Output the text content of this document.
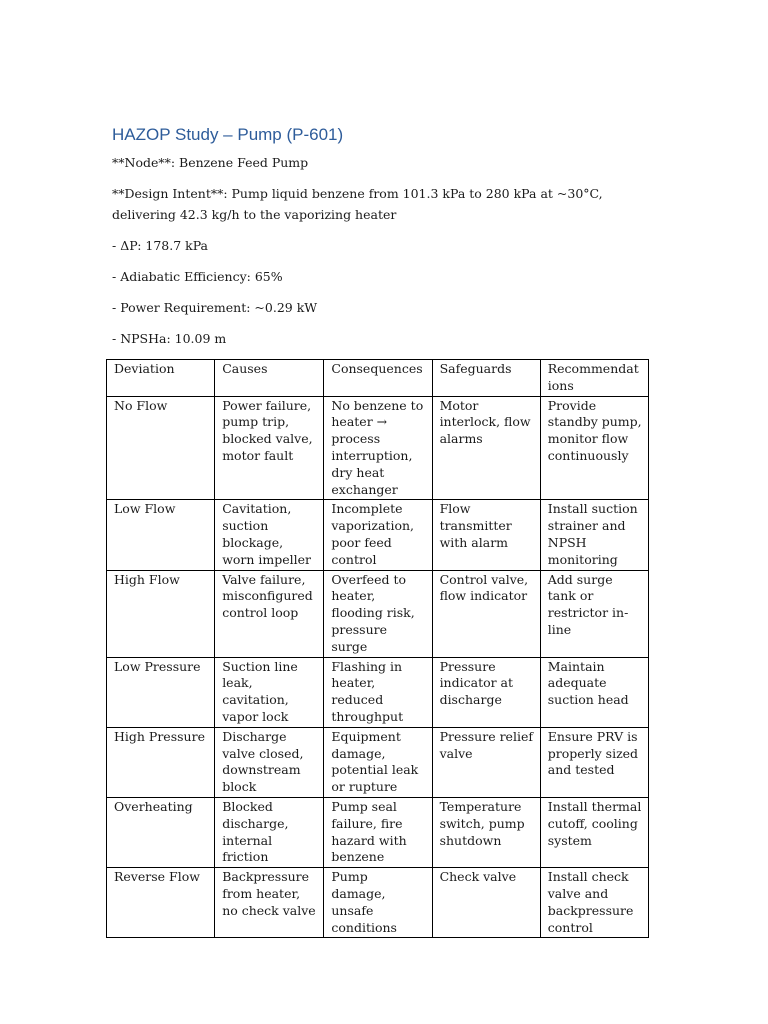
HAZOP Study – Pump (P-601)

**Node**: Benzene Feed Pump

**Design Intent**: Pump liquid benzene from 101.3 kPa to 280 kPa at ~30°C, delivering 42.3 kg/h to the vaporizing heater

- ΔP: 178.7 kPa

- Adiabatic Efficiency: 65%

- Power Requirement: ~0.29 kW

- NPSHa: 10.09 m

Deviation	Causes	Consequences	Safeguards	Recommendations
No Flow	Power failure, pump trip, blocked valve, motor fault	No benzene to heater → process interruption, dry heat exchanger	Motor interlock, flow alarms	Provide standby pump, monitor flow continuously
Low Flow	Cavitation, suction blockage, worn impeller	Incomplete vaporization, poor feed control	Flow transmitter with alarm	Install suction strainer and NPSH monitoring
High Flow	Valve failure, misconfigured control loop	Overfeed to heater, flooding risk, pressure surge	Control valve, flow indicator	Add surge tank or restrictor in-line
Low Pressure	Suction line leak, cavitation, vapor lock	Flashing in heater, reduced throughput	Pressure indicator at discharge	Maintain adequate suction head
High Pressure	Discharge valve closed, downstream block	Equipment damage, potential leak or rupture	Pressure relief valve	Ensure PRV is properly sized and tested
Overheating	Blocked discharge, internal friction	Pump seal failure, fire hazard with benzene	Temperature switch, pump shutdown	Install thermal cutoff, cooling system
Reverse Flow	Backpressure from heater, no check valve	Pump damage, unsafe conditions	Check valve	Install check valve and backpressure control
